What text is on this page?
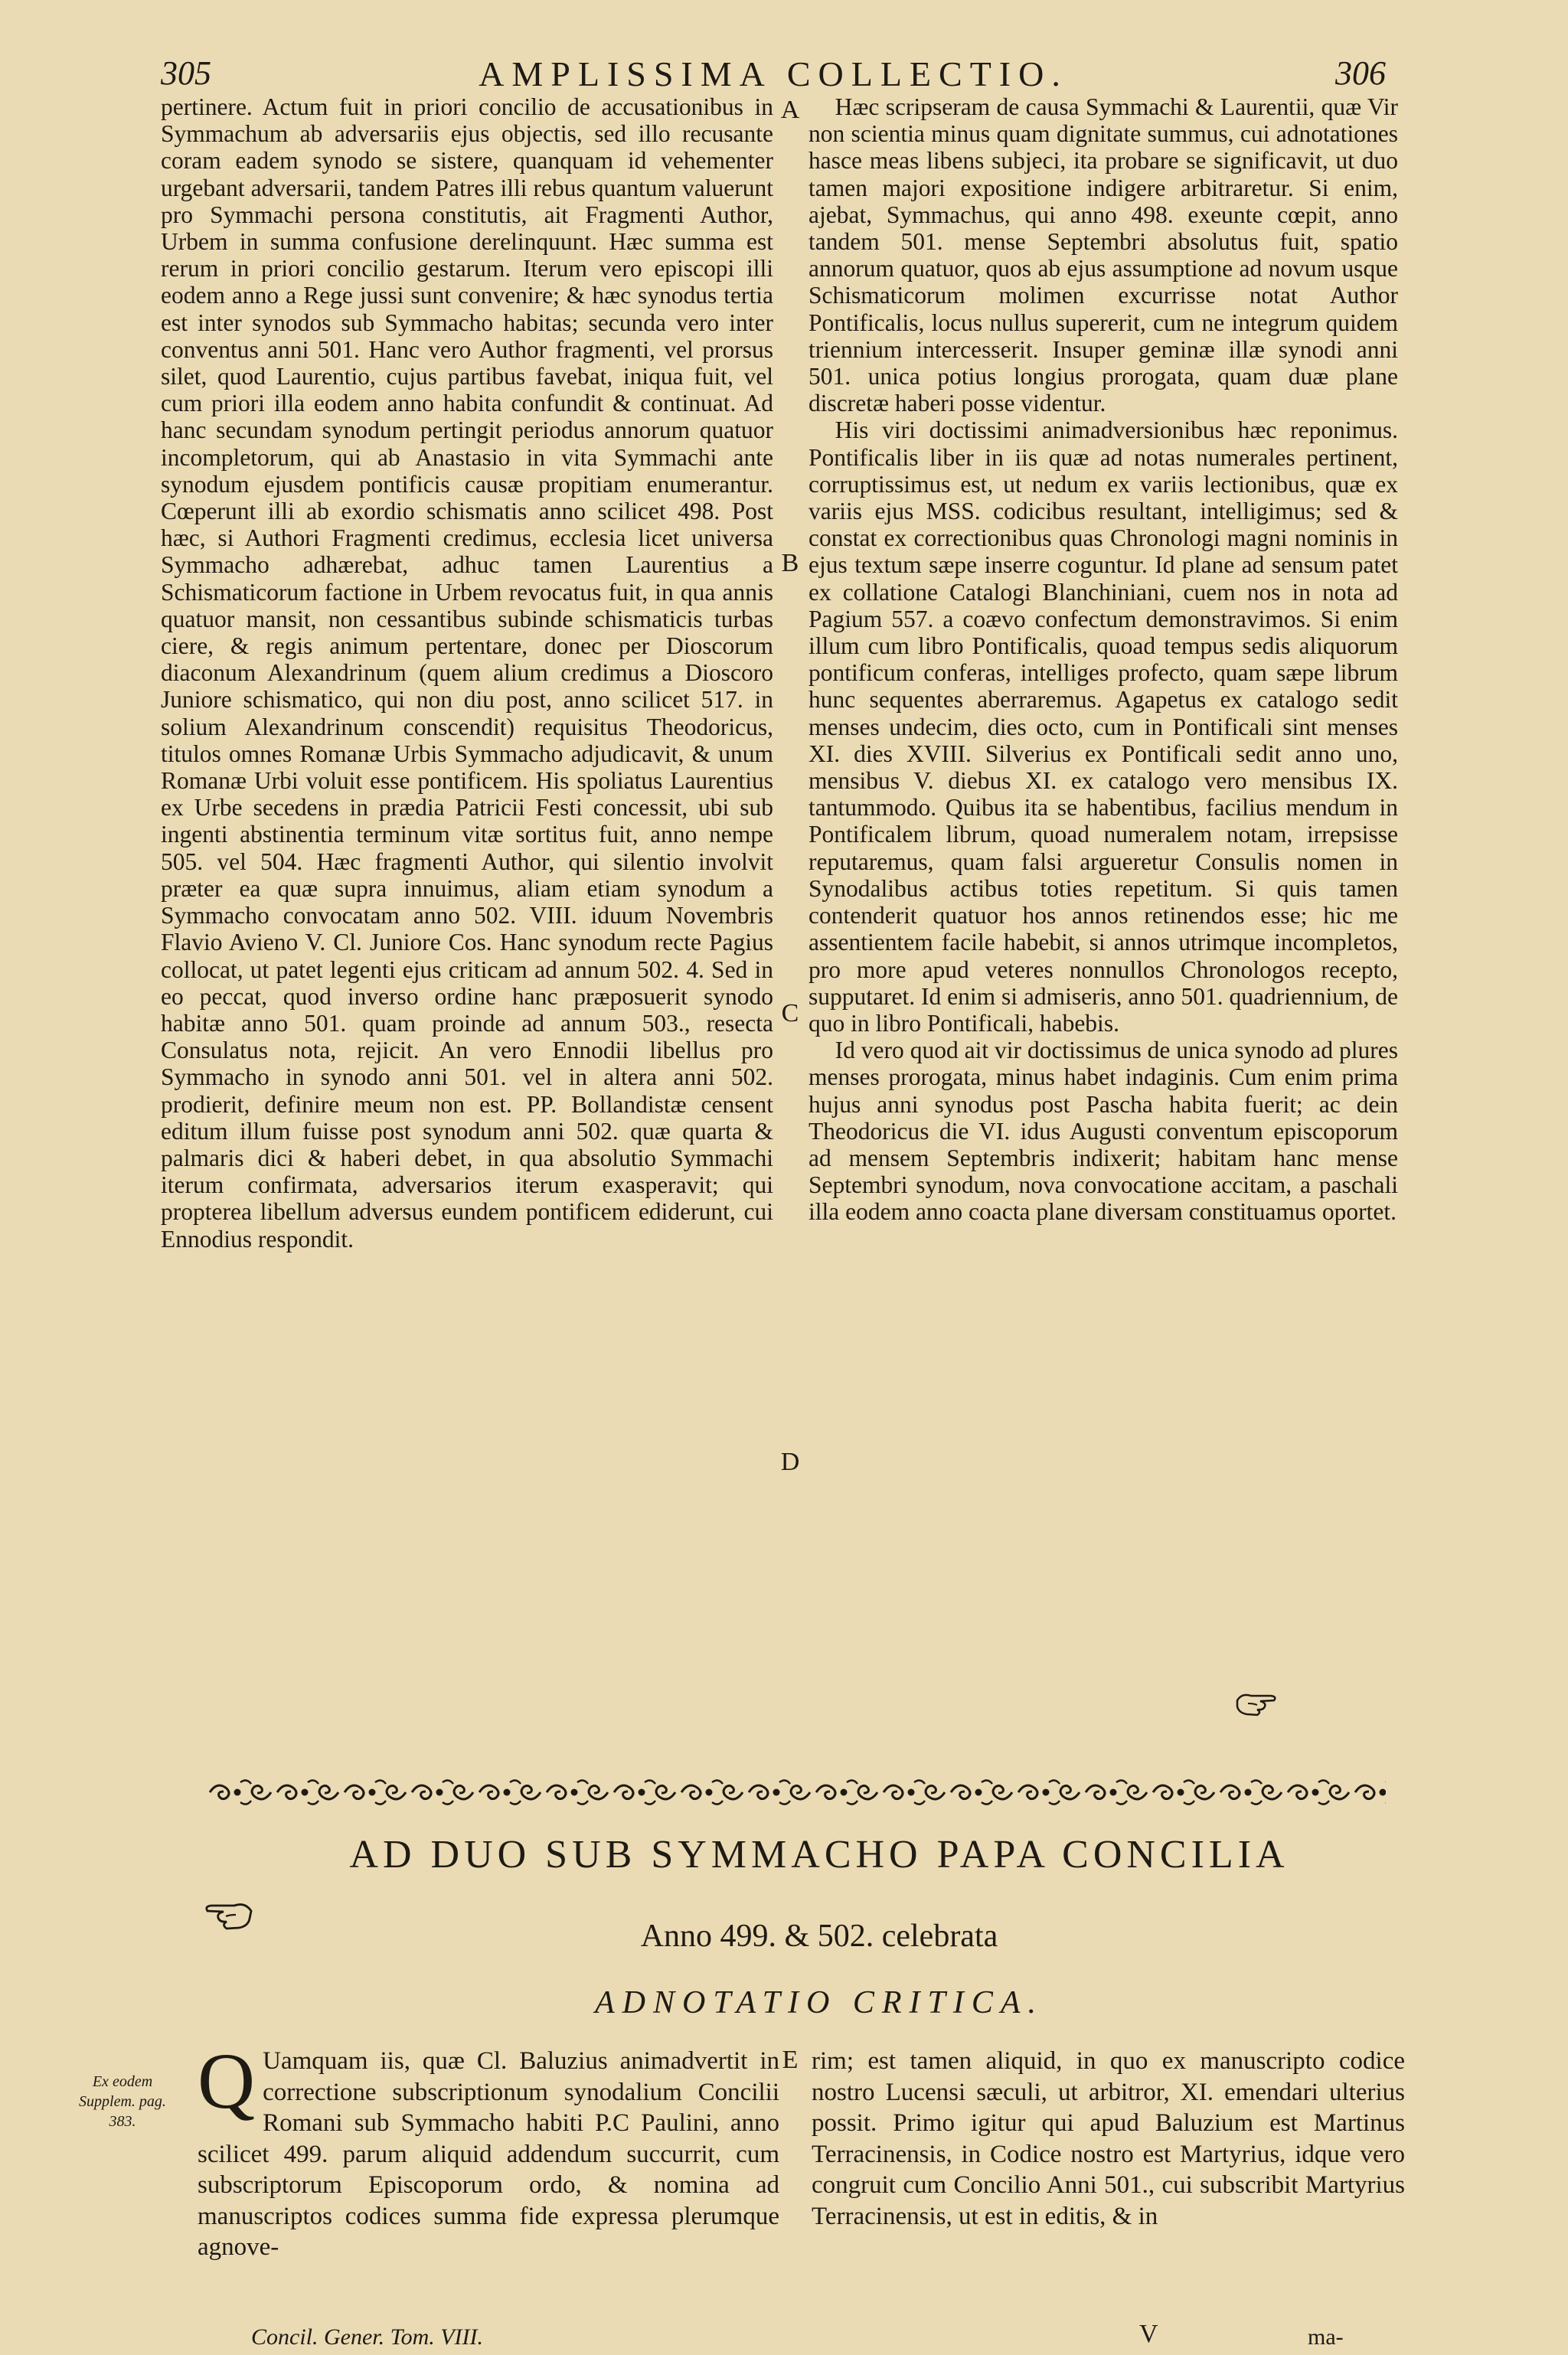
305	AMPLISSIMA COLLECTIO.	306

pertinere. Actum fuit in priori concilio de accusationibus in Symmachum ab adversariis ejus objectis, sed illo recusante coram eadem synodo se sistere, quanquam id vehementer urgebant adversarii, tandem Patres illi rebus quantum valuerunt pro Symmachi persona constitutis, ait Fragmenti Author, Urbem in summa confusione derelinquunt. Hæc summa est rerum in priori concilio gestarum. Iterum vero episcopi illi eodem anno a Rege jussi sunt convenire; & hæc synodus tertia est inter synodos sub Symmacho habitas; secunda vero inter conventus anni 501. Hanc vero Author fragmenti, vel prorsus silet, quod Laurentio, cujus partibus favebat, iniqua fuit, vel cum priori illa eodem anno habita confundit & continuat. Ad hanc secundam synodum pertingit periodus annorum quatuor incompletorum, qui ab Anastasio in vita Symmachi ante synodum ejusdem pontificis causæ propitiam enumerantur. Cœperunt illi ab exordio schismatis anno scilicet 498. Post hæc, si Authori Fragmenti credimus, ecclesia licet universa Symmacho adhærebat, adhuc tamen Laurentius a Schismaticorum factione in Urbem revocatus fuit, in qua annis quatuor mansit, non cessantibus subinde schismaticis turbas ciere, & regis animum pertentare, donec per Dioscorum diaconum Alexandrinum (quem alium credimus a Dioscoro Juniore schismatico, qui non diu post, anno scilicet 517. in solium Alexandrinum conscendit) requisitus Theodoricus, titulos omnes Romanæ Urbis Symmacho adjudicavit, & unum Romanæ Urbi voluit esse pontificem. His spoliatus Laurentius ex Urbe secedens in prædia Patricii Festi concessit, ubi sub ingenti abstinentia terminum vitæ sortitus fuit, anno nempe 505. vel 504. Hæc fragmenti Author, qui silentio involvit præter ea quæ supra innuimus, aliam etiam synodum a Symmacho convocatam anno 502. VIII. iduum Novembris Flavio Avieno V. Cl. Juniore Cos. Hanc synodum recte Pagius collocat, ut patet legenti ejus criticam ad annum 502. 4. Sed in eo peccat, quod inverso ordine hanc præposuerit synodo habitæ anno 501. quam proinde ad annum 503., resecta Consulatus nota, rejicit. An vero Ennodii libellus pro Symmacho in synodo anni 501. vel in altera anni 502. prodierit, definire meum non est. PP. Bollandistæ censent editum illum fuisse post synodum anni 502. quæ quarta & palmaris dici & haberi debet, in qua absolutio Symmachi iterum confirmata, adversarios iterum exasperavit; qui propterea libellum adversus eundem pontificem ediderunt, cui Ennodius respondit.

A
B
C
D

Hæc scripseram de causa Symmachi & Laurentii, quæ Vir non scientia minus quam dignitate summus, cui adnotationes hasce meas libens subjeci, ita probare se significavit, ut duo tamen majori expositione indigere arbitraretur. Si enim, ajebat, Symmachus, qui anno 498. exeunte cœpit, anno tandem 501. mense Septembri absolutus fuit, spatio annorum quatuor, quos ab ejus assumptione ad novum usque Schismaticorum molimen excurrisse notat Author Pontificalis, locus nullus supererit, cum ne integrum quidem triennium intercesserit. Insuper geminæ illæ synodi anni 501. unica potius longius prorogata, quam duæ plane discretæ haberi posse videntur.

His viri doctissimi animadversionibus hæc reponimus. Pontificalis liber in iis quæ ad notas numerales pertinent, corruptissimus est, ut nedum ex variis lectionibus, quæ ex variis ejus MSS. codicibus resultant, intelligimus; sed & constat ex correctionibus quas Chronologi magni nominis in ejus textum sæpe inserre coguntur. Id plane ad sensum patet ex collatione Catalogi Blanchiniani, cuem nos in nota ad Pagium 557. a coævo confectum demonstravimos. Si enim illum cum libro Pontificalis, quoad tempus sedis aliquorum pontificum conferas, intelliges profecto, quam sæpe librum hunc sequentes aberraremus. Agapetus ex catalogo sedit menses undecim, dies octo, cum in Pontificali sint menses XI. dies XVIII. Silverius ex Pontificali sedit anno uno, mensibus V. diebus XI. ex catalogo vero mensibus IX. tantummodo. Quibus ita se habentibus, facilius mendum in Pontificalem librum, quoad numeralem notam, irrepsisse reputaremus, quam falsi argueretur Consulis nomen in Synodalibus actibus toties repetitum. Si quis tamen contenderit quatuor hos annos retinendos esse; hic me assentientem facile habebit, si annos utrimque incompletos, pro more apud veteres nonnullos Chronologos recepto, supputaret. Id enim si admiseris, anno 501. quadriennium, de quo in libro Pontificali, habebis.

Id vero quod ait vir doctissimus de unica synodo ad plures menses prorogata, minus habet indaginis. Cum enim prima hujus anni synodus post Pascha habita fuerit; ac dein Theodoricus die VI. idus Augusti conventum episcoporum ad mensem Septembris indixerit; habitam hanc mense Septembri synodum, nova convocatione accitam, a paschali illa eodem anno coacta plane diversam constituamus oportet.

AD DUO SUB SYMMACHO PAPA CONCILIA
Anno 499. & 502. celebrata
ADNOTATIO CRITICA.
Ex eodem Supplem. pag. 383. Q Uamquam iis, quæ Cl. Baluzius animadvertit in correctione subscriptionum synodalium Concilii Romani sub Symmacho habiti P.C Paulini, anno scilicet 499. parum aliquid addendum succurrit, cum subscriptorum Episcoporum ordo, & nomina ad manuscriptos codices summa fide expressa plerumque agnove-

E rim; est tamen aliquid, in quo ex manuscripto codice nostro Lucensi sæculi, ut arbitror, XI. emendari ulterius possit. Primo igitur qui apud Baluzium est Martinus Terracinensis, in Codice nostro est Martyrius, idque vero congruit cum Concilio Anni 501., cui subscribit Martyrius Terracinensis, ut est in editis, & in

Concil. Gener. Tom. VIII.	V	ma-
